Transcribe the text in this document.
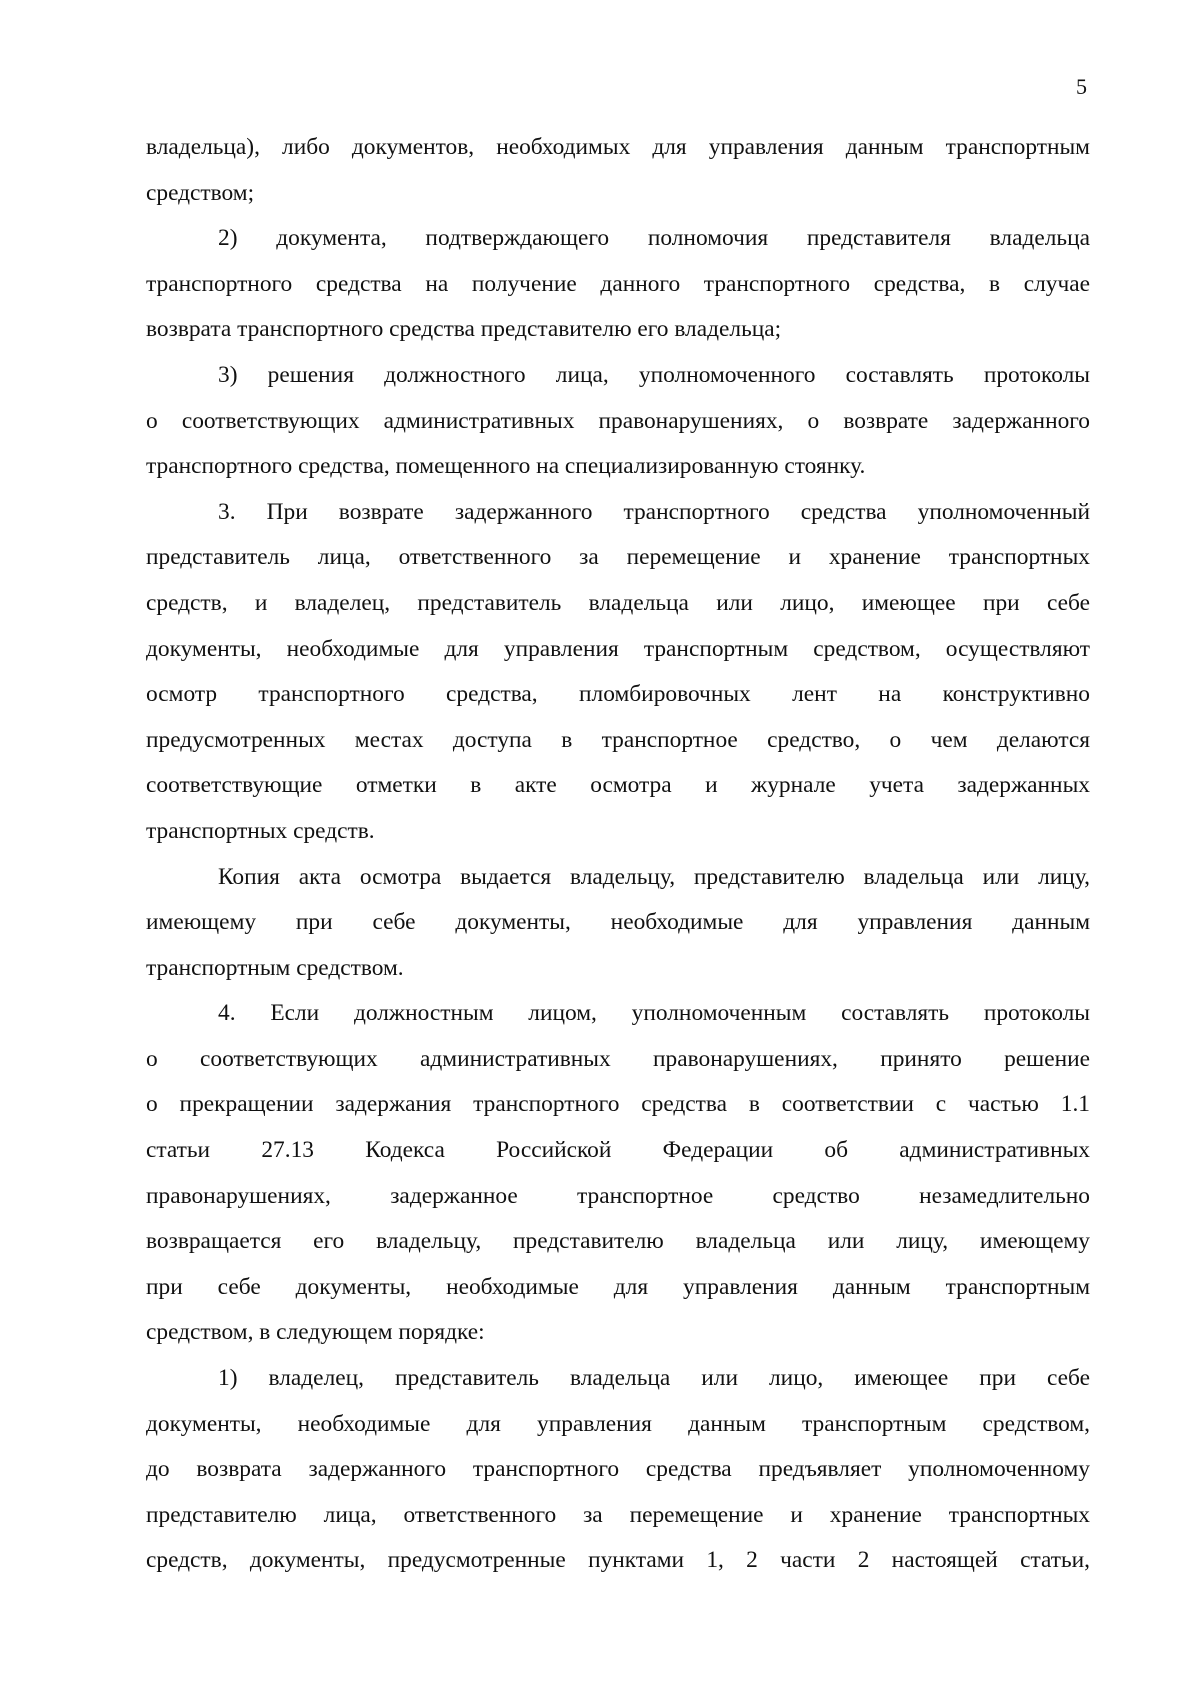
5

владельца), либо документов, необходимых для управления данным транспортным
средством;
2) документа, подтверждающего полномочия представителя владельца
транспортного средства на получение данного транспортного средства, в случае
возврата транспортного средства представителю его владельца;
3) решения должностного лица, уполномоченного составлять протоколы
о соответствующих административных правонарушениях, о возврате задержанного
транспортного средства, помещенного на специализированную стоянку.
3. При возврате задержанного транспортного средства уполномоченный
представитель лица, ответственного за перемещение и хранение транспортных
средств, и владелец, представитель владельца или лицо, имеющее при себе
документы, необходимые для управления транспортным средством, осуществляют
осмотр транспортного средства, пломбировочных лент на конструктивно
предусмотренных местах доступа в транспортное средство, о чем делаются
соответствующие отметки в акте осмотра и журнале учета задержанных
транспортных средств.
Копия акта осмотра выдается владельцу, представителю владельца или лицу,
имеющему при себе документы, необходимые для управления данным
транспортным средством.
4. Если должностным лицом, уполномоченным составлять протоколы
о соответствующих административных правонарушениях, принято решение
о прекращении задержания транспортного средства в соответствии с частью 1.1
статьи 27.13 Кодекса Российской Федерации об административных
правонарушениях, задержанное транспортное средство незамедлительно
возвращается его владельцу, представителю владельца или лицу, имеющему
при себе документы, необходимые для управления данным транспортным
средством, в следующем порядке:
1) владелец, представитель владельца или лицо, имеющее при себе
документы, необходимые для управления данным транспортным средством,
до возврата задержанного транспортного средства предъявляет уполномоченному
представителю лица, ответственного за перемещение и хранение транспортных
средств, документы, предусмотренные пунктами 1, 2 части 2 настоящей статьи,
